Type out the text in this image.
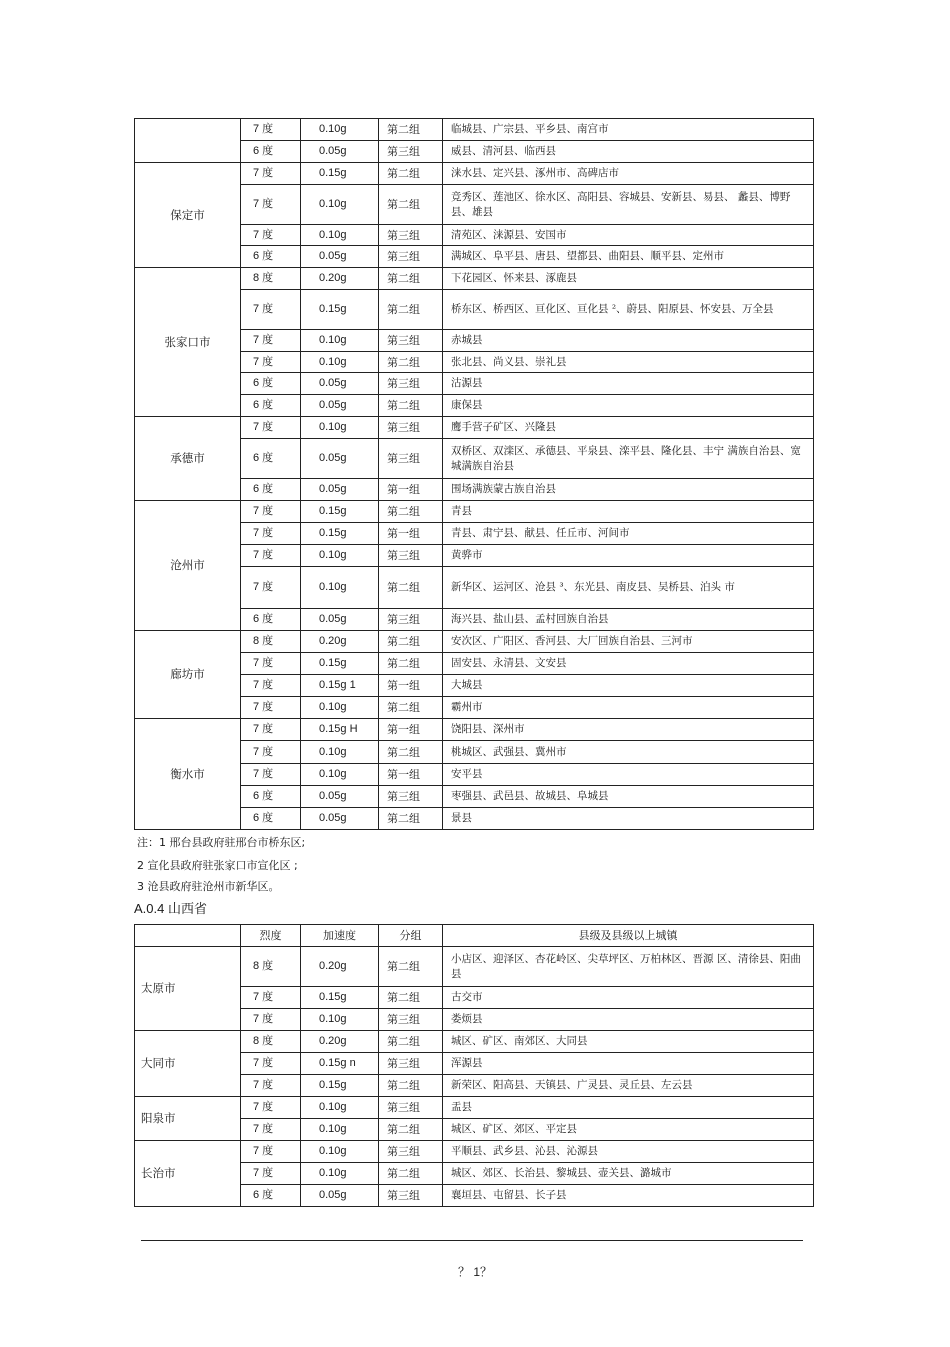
	7 度	0.10g	第二组	临城县、广宗县、平乡县、南宫市
	6 度	0.05g	第三组	威县、清河县、临西县
保定市	7 度	0.15g	第二组	涞水县、定兴县、涿州市、高碑店市
	7 度	0.10g	第二组	竞秀区、莲池区、徐水区、高阳县、容城县、安新县、易县、 蠡县、博野县、雄县
	7 度	0.10g	第三组	清苑区、涞源县、安国市
	6 度	0.05g	第三组	满城区、阜平县、唐县、望都县、曲阳县、顺平县、定州市
张家口市	8 度	0.20g	第二组	下花园区、怀来县、涿鹿县
	7 度	0.15g	第二组	桥东区、桥西区、亘化区、亘化县 ²、蔚县、阳原县、怀安县、万全县
	7 度	0.10g	第三组	赤城县
	7 度	0.10g	第二组	张北县、尚义县、崇礼县
	6 度	0.05g	第三组	沽源县
	6 度	0.05g	第二组	康保县
承德市	7 度	0.10g	第三组	鹰手营子矿区、兴隆县
	6 度	0.05g	第三组	双桥区、双滦区、承德县、平泉县、滦平县、隆化县、丰宁 满族自治县、宽城满族自治县
	6 度	0.05g	第一组	围场满族蒙古族自治县
沧州市	7 度	0.15g	第二组	青县
	7 度	0.15g	第一组	青县、肃宁县、献县、任丘市、河间市
	7 度	0.10g	第三组	黄骅市
	7 度	0.10g	第二组	新华区、运河区、沧县 ³、东光县、南皮县、吴桥县、泊头 市
	6 度	0.05g	第三组	海兴县、盐山县、孟村回族自治县
廊坊市	8 度	0.20g	第二组	安次区、广阳区、香河县、大厂回族自治县、三河市
	7 度	0.15g	第二组	固安县、永清县、文安县
	7 度	0.15g 1	第一组	大城县
	7 度	0.10g	第二组	霸州市
衡水市	7 度	0.15g H	第一组	饶阳县、深州市
	7 度	0.10g	第二组	桃城区、武强县、冀州市
	7 度	0.10g	第一组	安平县
	6 度	0.05g	第三组	枣强县、武邑县、故城县、阜城县
	6 度	0.05g	第二组	景县
注：1 邢台县政府驻邢台市桥东区;
2 宣化县政府驻张家口市宣化区 ;
3 沧县政府驻沧州市新华区。
A.0.4 山西省
	烈度	加速度	分组	县级及县级以上城镇
太原市	8 度	0.20g	第二组	小店区、迎泽区、杏花岭区、尖草坪区、万柏林区、晋源 区、清徐县、阳曲县
	7 度	0.15g	第二组	古交市
	7 度	0.10g	第三组	娄烦县
大同市	8 度	0.20g	第二组	城区、矿区、南郊区、大同县
	7 度	0.15g n	第三组	浑源县
	7 度	0.15g	第二组	新荣区、阳高县、天镇县、广灵县、灵丘县、左云县
阳泉市	7 度	0.10g	第三组	盂县
	7 度	0.10g	第二组	城区、矿区、郊区、平定县
长治市	7 度	0.10g	第三组	平顺县、武乡县、沁县、沁源县
	7 度	0.10g	第二组	城区、郊区、长治县、黎城县、壶关县、潞城市
	6 度	0.05g	第三组	襄垣县、屯留县、长子县
？ 1？
